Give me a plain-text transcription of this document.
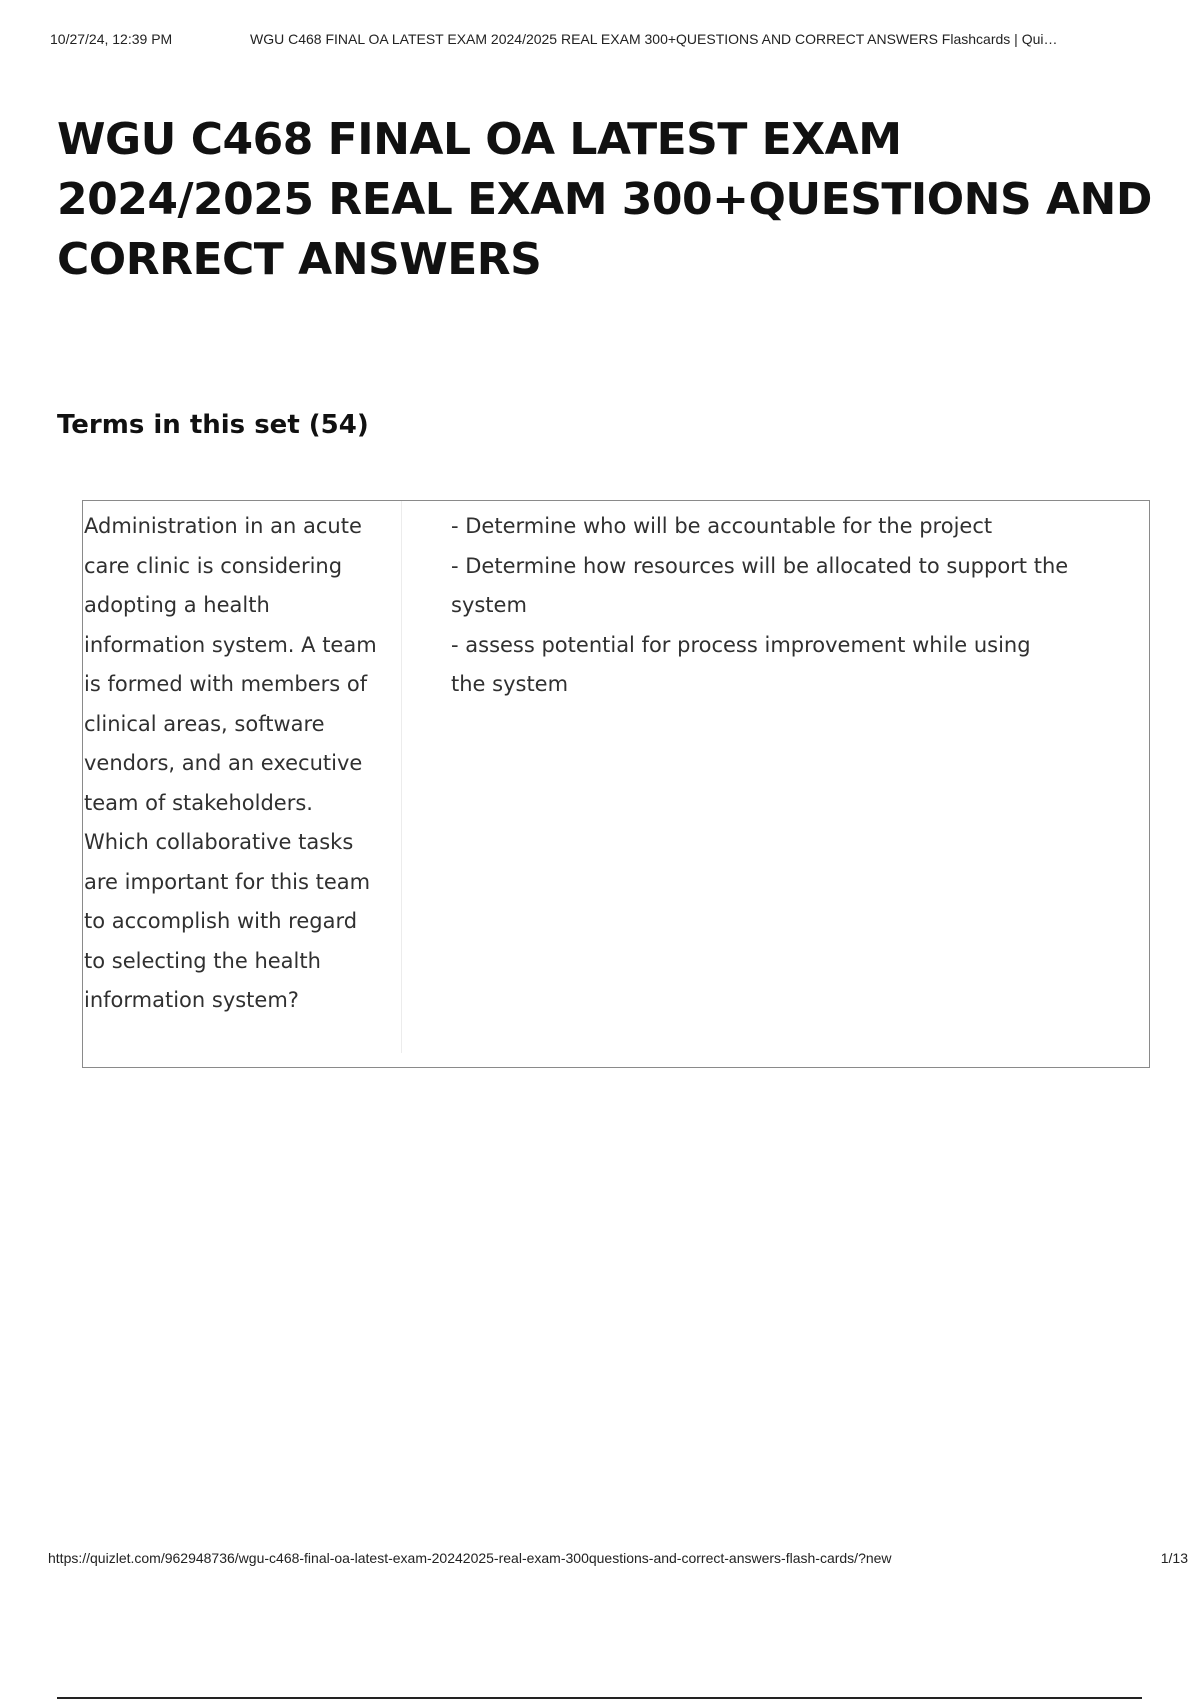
10/27/24, 12:39 PM	WGU C468 FINAL OA LATEST EXAM 2024/2025 REAL EXAM 300+QUESTIONS AND CORRECT ANSWERS Flashcards | Qui…
WGU C468 FINAL OA LATEST EXAM 2024/2025 REAL EXAM 300+QUESTIONS AND CORRECT ANSWERS
Terms in this set (54)

Administration in an acute care clinic is considering adopting a health information system. A team is formed with members of clinical areas, software vendors, and an executive team of stakeholders. Which collaborative tasks are important for this team to accomplish with regard to selecting the health information system?

- Determine who will be accountable for the project
- Determine how resources will be allocated to support the system
- assess potential for process improvement while using the system

https://quizlet.com/962948736/wgu-c468-final-oa-latest-exam-20242025-real-exam-300questions-and-correct-answers-flash-cards/?new	1/13
